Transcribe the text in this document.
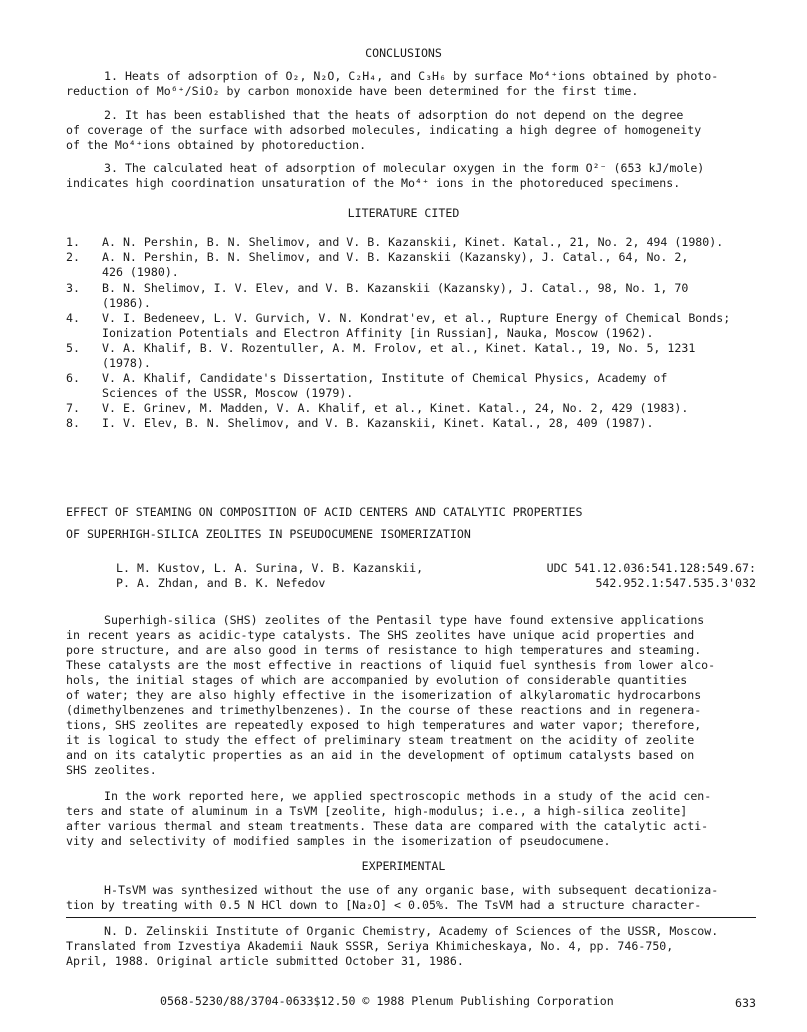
CONCLUSIONS
1. Heats of adsorption of O₂, N₂O, C₂H₄, and C₃H₆ by surface Mo⁴⁺ions obtained by photo-
reduction of Mo⁶⁺/SiO₂ by carbon monoxide have been determined for the first time.
2. It has been established that the heats of adsorption do not depend on the degree
of coverage of the surface with adsorbed molecules, indicating a high degree of homogeneity
of the Mo⁴⁺ions obtained by photoreduction.
3. The calculated heat of adsorption of molecular oxygen in the form O²⁻ (653 kJ/mole)
indicates high coordination unsaturation of the Mo⁴⁺ ions in the photoreduced specimens.
LITERATURE CITED
1.	A. N. Pershin, B. N. Shelimov, and V. B. Kazanskii, Kinet. Katal., 21, No. 2, 494 (1980).
2.	A. N. Pershin, B. N. Shelimov, and V. B. Kazanskii (Kazansky), J. Catal., 64, No. 2,
426 (1980).
3.	B. N. Shelimov, I. V. Elev, and V. B. Kazanskii (Kazansky), J. Catal., 98, No. 1, 70
(1986).
4.	V. I. Bedeneev, L. V. Gurvich, V. N. Kondrat'ev, et al., Rupture Energy of Chemical Bonds;
Ionization Potentials and Electron Affinity [in Russian], Nauka, Moscow (1962).
5.	V. A. Khalif, B. V. Rozentuller, A. M. Frolov, et al., Kinet. Katal., 19, No. 5, 1231
(1978).
6.	V. A. Khalif, Candidate's Dissertation, Institute of Chemical Physics, Academy of
Sciences of the USSR, Moscow (1979).
7.	V. E. Grinev, M. Madden, V. A. Khalif, et al., Kinet. Katal., 24, No. 2, 429 (1983).
8.	I. V. Elev, B. N. Shelimov, and V. B. Kazanskii, Kinet. Katal., 28, 409 (1987).
EFFECT OF STEAMING ON COMPOSITION OF ACID CENTERS AND CATALYTIC PROPERTIES
OF SUPERHIGH-SILICA ZEOLITES IN PSEUDOCUMENE ISOMERIZATION
L. M. Kustov, L. A. Surina, V. B. Kazanskii,
P. A. Zhdan, and B. K. Nefedov
UDC 541.12.036:541.128:549.67:
542.952.1:547.535.3'032
Superhigh-silica (SHS) zeolites of the Pentasil type have found extensive applications
in recent years as acidic-type catalysts. The SHS zeolites have unique acid properties and
pore structure, and are also good in terms of resistance to high temperatures and steaming.
These catalysts are the most effective in reactions of liquid fuel synthesis from lower alco-
hols, the initial stages of which are accompanied by evolution of considerable quantities
of water; they are also highly effective in the isomerization of alkylaromatic hydrocarbons
(dimethylbenzenes and trimethylbenzenes). In the course of these reactions and in regenera-
tions, SHS zeolites are repeatedly exposed to high temperatures and water vapor; therefore,
it is logical to study the effect of preliminary steam treatment on the acidity of zeolite
and on its catalytic properties as an aid in the development of optimum catalysts based on
SHS zeolites.
In the work reported here, we applied spectroscopic methods in a study of the acid cen-
ters and state of aluminum in a TsVM [zeolite, high-modulus; i.e., a high-silica zeolite]
after various thermal and steam treatments. These data are compared with the catalytic acti-
vity and selectivity of modified samples in the isomerization of pseudocumene.
EXPERIMENTAL
H-TsVM was synthesized without the use of any organic base, with subsequent decationiza-
tion by treating with 0.5 N HCl down to [Na₂O] < 0.05%. The TsVM had a structure character-
N. D. Zelinskii Institute of Organic Chemistry, Academy of Sciences of the USSR, Moscow.
Translated from Izvestiya Akademii Nauk SSSR, Seriya Khimicheskaya, No. 4, pp. 746-750,
April, 1988. Original article submitted October 31, 1986.
0568-5230/88/3704-0633$12.50 © 1988 Plenum Publishing Corporation	633
